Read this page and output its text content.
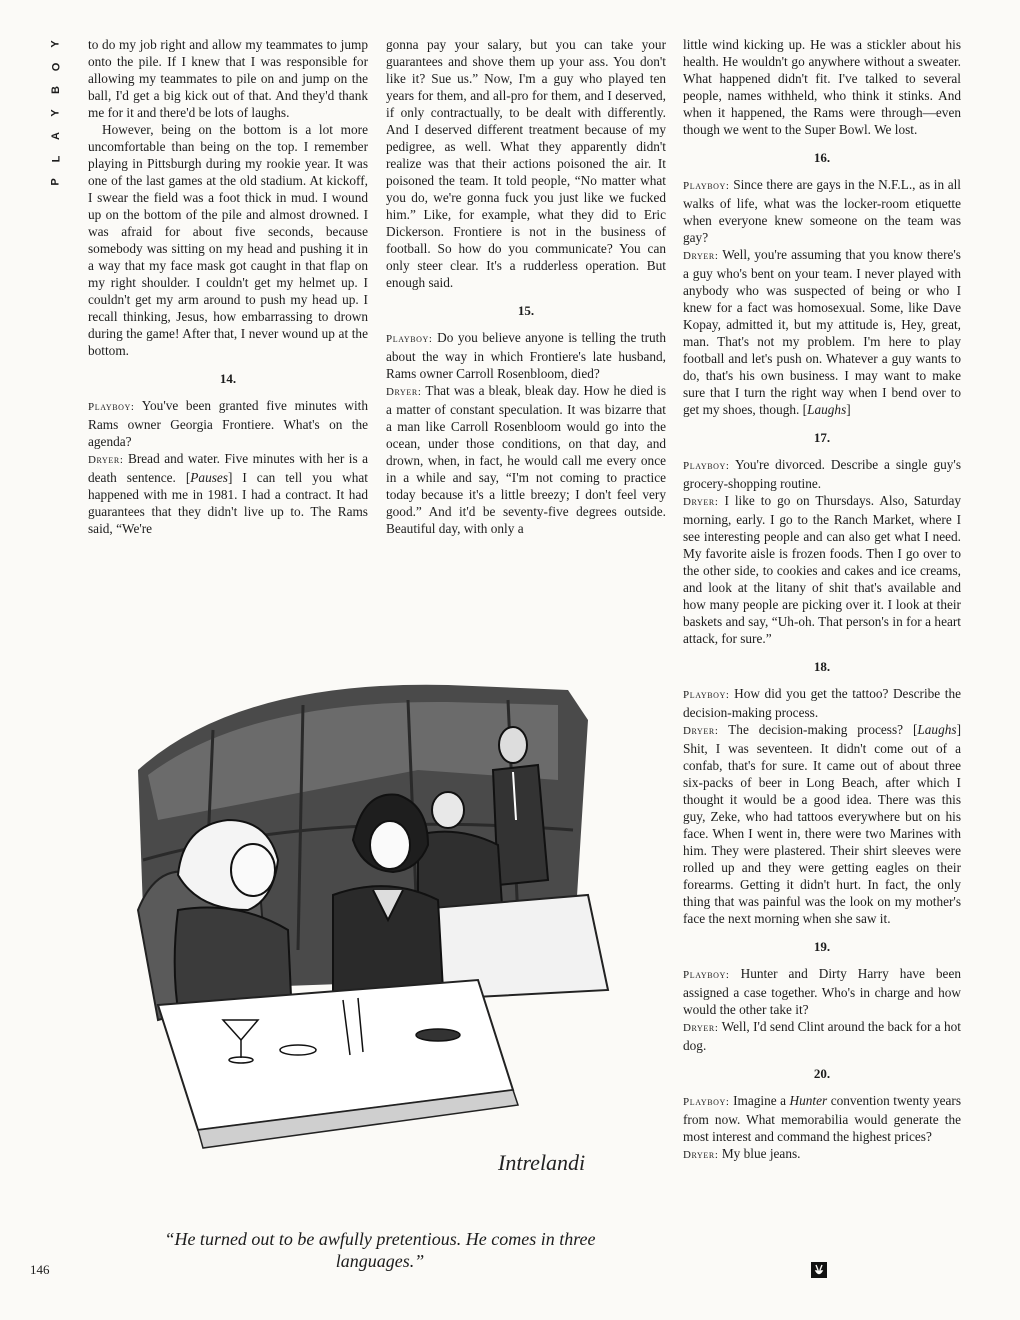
Y
O
B
Y
A
L
P

to do my job right and allow my teammates to jump onto the pile. If I knew that I was responsible for allowing my teammates to pile on and jump on the ball, I'd get a big kick out of that. And they'd thank me for it and there'd be lots of laughs.

However, being on the bottom is a lot more uncomfortable than being on the top. I remember playing in Pittsburgh during my rookie year. It was one of the last games at the old stadium. At kickoff, I swear the field was a foot thick in mud. I wound up on the bottom of the pile and almost drowned. I was afraid for about five seconds, because somebody was sitting on my head and pushing it in a way that my face mask got caught in that flap on my right shoulder. I couldn't get my helmet up. I couldn't get my arm around to push my head up. I recall thinking, Jesus, how embarrassing to drown during the game! After that, I never wound up at the bottom.

14.

Playboy: You've been granted five minutes with Rams owner Georgia Frontiere. What's on the agenda?

Dryer: Bread and water. Five minutes with her is a death sentence. [Pauses] I can tell you what happened with me in 1981. I had a contract. It had guarantees that they didn't live up to. The Rams said, “We're

gonna pay your salary, but you can take your guarantees and shove them up your ass. You don't like it? Sue us.” Now, I'm a guy who played ten years for them, and all-pro for them, and I deserved, if only contractually, to be dealt with differently. And I deserved different treatment because of my pedigree, as well. What they apparently didn't realize was that their actions poisoned the air. It poisoned the team. It told people, “No matter what you do, we're gonna fuck you just like we fucked him.” Like, for example, what they did to Eric Dickerson. Frontiere is not in the business of football. So how do you communicate? You can only steer clear. It's a rudderless operation. But enough said.

15.

Playboy: Do you believe anyone is telling the truth about the way in which Frontiere's late husband, Rams owner Carroll Rosenbloom, died?

Dryer: That was a bleak, bleak day. How he died is a matter of constant speculation. It was bizarre that a man like Carroll Rosenbloom would go into the ocean, under those conditions, on that day, and drown, when, in fact, he would call me every once in a while and say, “I'm not coming to practice today because it's a little breezy; I don't feel very good.” And it'd be seventy-five degrees outside. Beautiful day, with only a

little wind kicking up. He was a stickler about his health. He wouldn't go anywhere without a sweater. What happened didn't fit. I've talked to several people, names withheld, who think it stinks. And when it happened, the Rams were through—even though we went to the Super Bowl. We lost.

16.

Playboy: Since there are gays in the N.F.L., as in all walks of life, what was the locker-room etiquette when everyone knew someone on the team was gay?

Dryer: Well, you're assuming that you know there's a guy who's bent on your team. I never played with anybody who was suspected of being or who I knew for a fact was homosexual. Some, like Dave Kopay, admitted it, but my attitude is, Hey, great, man. That's not my problem. I'm here to play football and let's push on. Whatever a guy wants to do, that's his own business. I may want to make sure that I turn the right way when I bend over to get my shoes, though. [Laughs]

17.

Playboy: You're divorced. Describe a single guy's grocery-shopping routine.

Dryer: I like to go on Thursdays. Also, Saturday morning, early. I go to the Ranch Market, where I see interesting people and can also get what I need. My favorite aisle is frozen foods. Then I go over to the other side, to cookies and cakes and ice creams, and look at the litany of shit that's available and how many people are picking over it. I look at their baskets and say, “Uh-oh. That person's in for a heart attack, for sure.”

18.

Playboy: How did you get the tattoo? Describe the decision-making process.

Dryer: The decision-making process? [Laughs] Shit, I was seventeen. It didn't come out of a confab, that's for sure. It came out of about three six-packs of beer in Long Beach, after which I thought it would be a good idea. There was this guy, Zeke, who had tattoos everywhere but on his face. When I went in, there were two Marines with him. They were plastered. Their shirt sleeves were rolled up and they were getting eagles on their forearms. Getting it didn't hurt. In fact, the only thing that was painful was the look on my mother's face the next morning when she saw it.

19.

Playboy: Hunter and Dirty Harry have been assigned a case together. Who's in charge and how would the other take it?

Dryer: Well, I'd send Clint around the back for a hot dog.

20.

Playboy: Imagine a Hunter convention twenty years from now. What memorabilia would generate the most interest and command the highest prices?

Dryer: My blue jeans.

Intrelandi
“He turned out to be awfully pretentious. He comes in three languages.”
146
